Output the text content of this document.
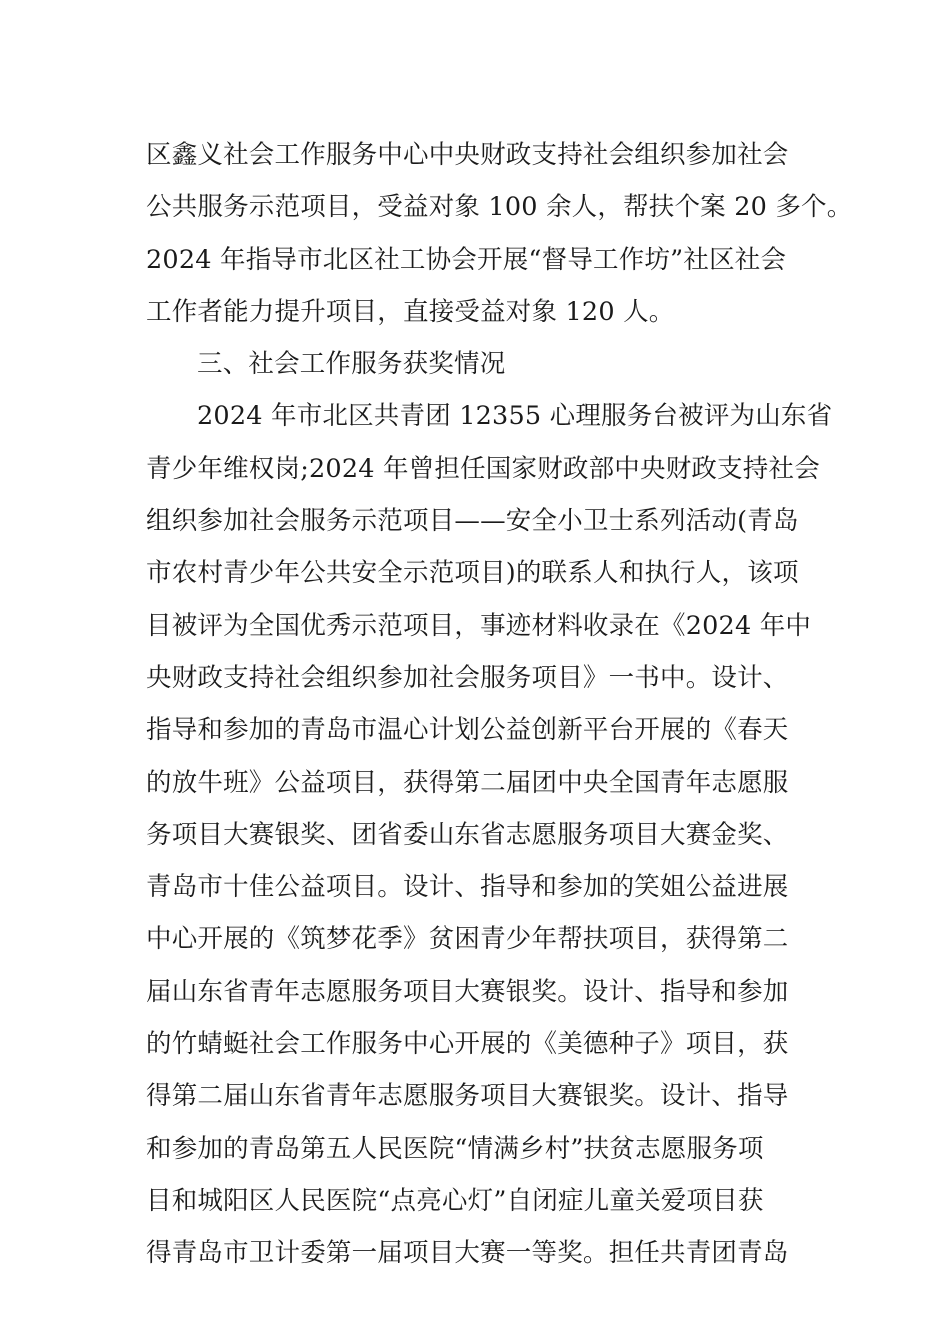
区鑫义社会工作服务中心中央财政支持社会组织参加社会
公共服务示范项目，受益对象 100 余人，帮扶个案 20 多个。
2024 年指导市北区社工协会开展“督导工作坊”社区社会
工作者能力提升项目，直接受益对象 120 人。
三、社会工作服务获奖情况
2024 年市北区共青团 12355 心理服务台被评为山东省
青少年维权岗;2024 年曾担任国家财政部中央财政支持社会
组织参加社会服务示范项目——安全小卫士系列活动(青岛
市农村青少年公共安全示范项目)的联系人和执行人，该项
目被评为全国优秀示范项目，事迹材料收录在《2024 年中
央财政支持社会组织参加社会服务项目》一书中。设计、
指导和参加的青岛市温心计划公益创新平台开展的《春天
的放牛班》公益项目，获得第二届团中央全国青年志愿服
务项目大赛银奖、团省委山东省志愿服务项目大赛金奖、
青岛市十佳公益项目。设计、指导和参加的笑姐公益进展
中心开展的《筑梦花季》贫困青少年帮扶项目，获得第二
届山东省青年志愿服务项目大赛银奖。设计、指导和参加
的竹蜻蜓社会工作服务中心开展的《美德种子》项目，获
得第二届山东省青年志愿服务项目大赛银奖。设计、指导
和参加的青岛第五人民医院“情满乡村”扶贫志愿服务项
目和城阳区人民医院“点亮心灯”自闭症儿童关爱项目获
得青岛市卫计委第一届项目大赛一等奖。担任共青团青岛
